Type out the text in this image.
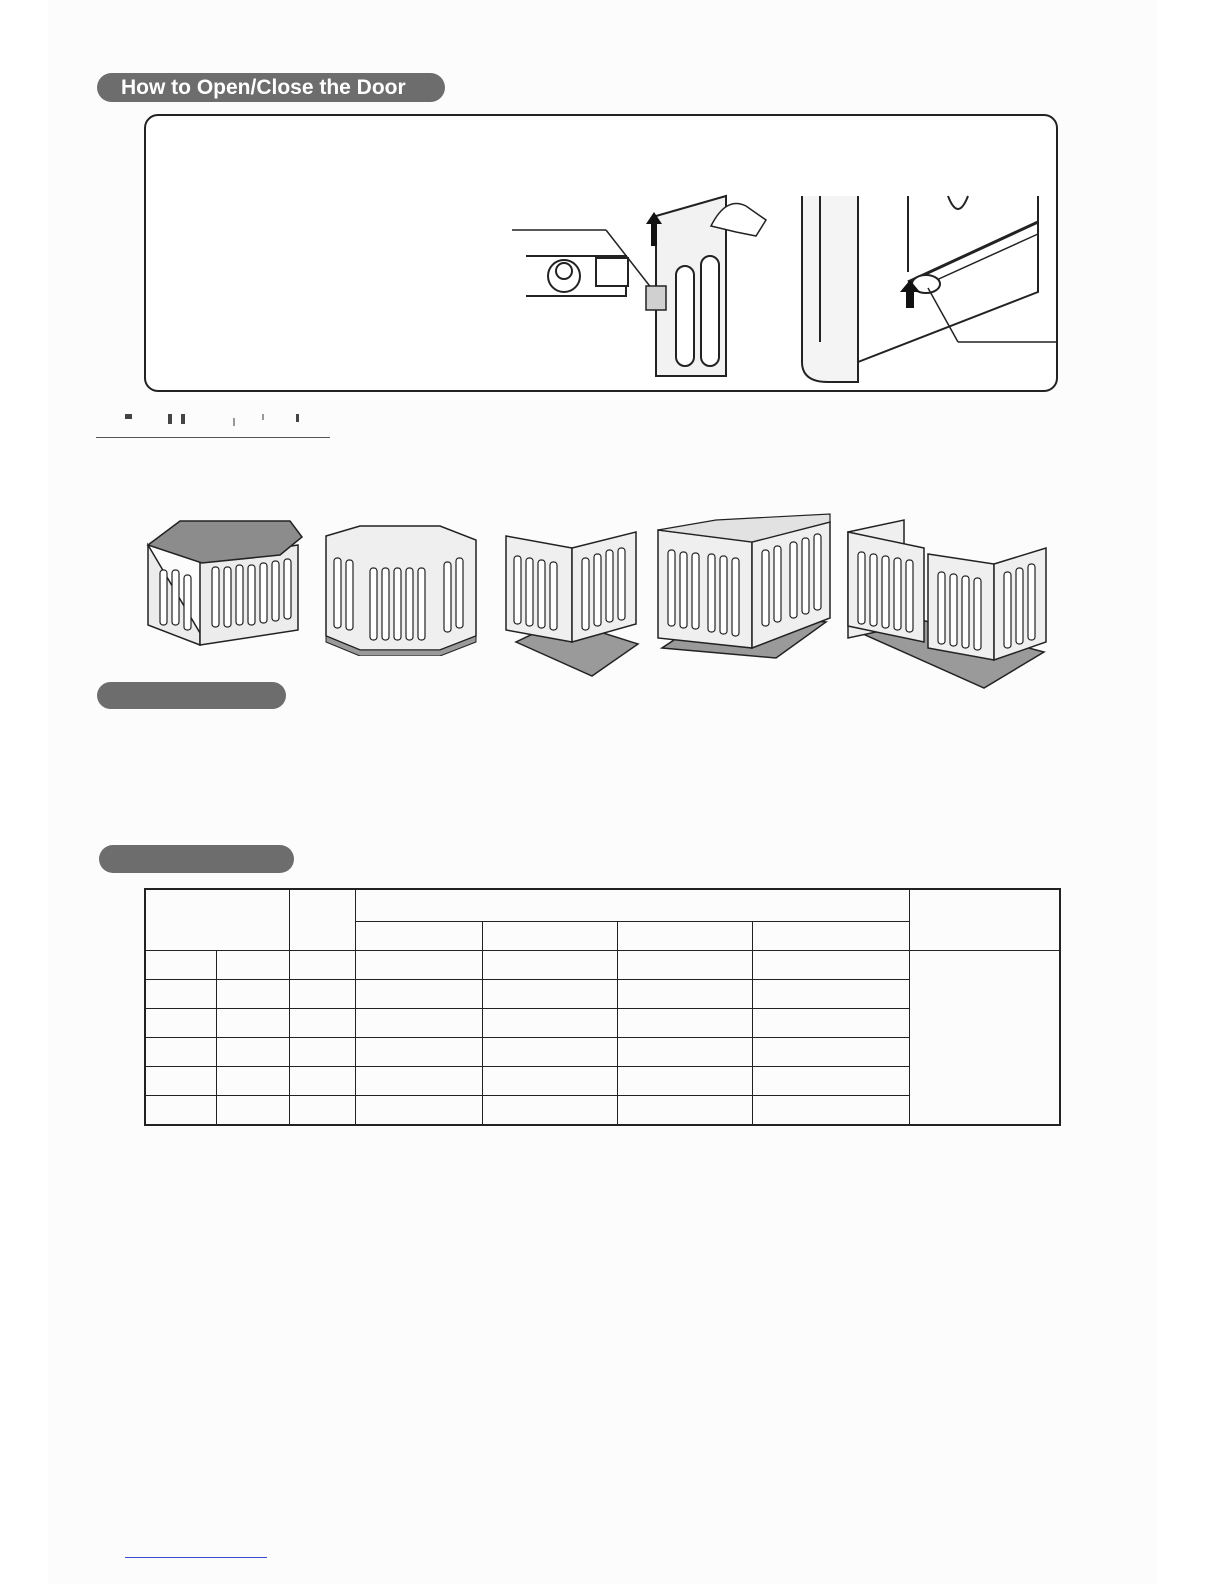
How to Open/Close the Door
